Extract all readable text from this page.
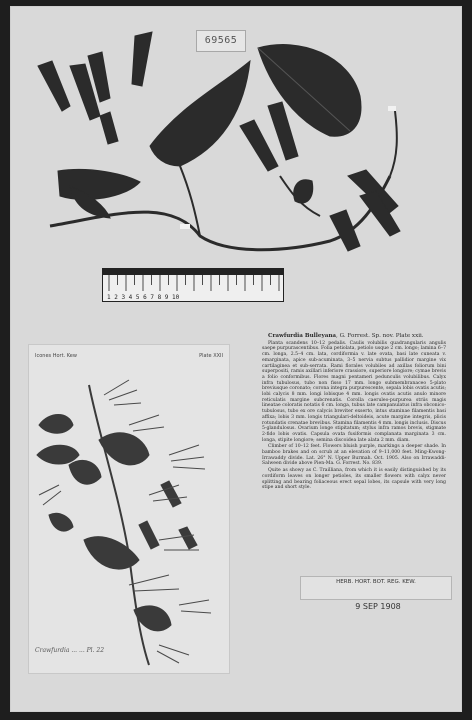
69565
1 2 3 4 5 6 7 8 9 10
Icones Hort. Kew	Plate XXII
Crawfurdia ... ... Pl. 22

Crawfurdia Bulleyana, G. Forrest. Sp. nov. Plate xxii.

Planta scandens 10–12 pedalis. Caulis volubilis quadrangularis angulis saepe purpurascentibus. Folia petiolata, petiolo usque 2 cm. longo; lamina 6–7 cm. longa, 2.5–4 cm. lata, cordiformia v. late ovata, basi late cuneata v. emarginata, apice sub-acuminata, 3–5 nervia subtus pallidior margine vix cartilaginea et sub-serrata. Rami florales volubiles ad axillas foliorum bini superpositi, ramis axillari inferiore crassiore, superiore longiore; cymae brevis a folio conformibus. Flores magni pentameri pedunculis volubilibus. Calyx infra tubulosus, tubo non fisso 17 mm. longo submembranaceo 5-plato breviusque coronato; corona integra purpurescente, sepala lobis ovatis acutis; lobi calycis 8 mm. longi lobisque 4 mm. longis ovatis acutis anulo minore reticulatis margine subcrenatis. Corolla caeruleo-purpurea striis magis lineatae coloratis notatis 6 cm. longa, tubus late campanulatus infra obconico-tubulosus, tubo ex ore calycis breviter exserto, intus staminae filamentis basi affixa; lobis 3 mm. longis triangulari-deltoideis, acute margine integris, plicis rotundatis crenatae brevibus. Stamina filamentis 4 mm. longis inclusis. Discus 5-glandulosus. Ovarium longe stipitatum; stylus infra ramos brevis, stigmate 2-fido lobis ovatis. Capsula ovata fusiformis complanata marginata 3 cm. longa, stipite longiore; semina discoidea late alata 2 mm. diam.

Climber of 10–12 feet. Flowers bluish purple, markings a deeper shade. In bamboo brakes and on scrub at an elevation of 9–11,000 feet. Ming-Kwong-Irrawaddy divide. Lat. 26° N. Upper Burmah. Oct. 1905. Also on Irrawaddi-Salween divide above Pien-Ma. G. Forrest. No. 839.

Quite as showy as C. Trailliana, from which it is easily distinguished by its cordiform leaves on longer petioles, its smaller flowers with calyx never splitting and bearing foliaceous erect sepal lobes, its capsule with very long stipe and short style.

HERB. HORT. BOT. REG. KEW.
9 SEP 1908
